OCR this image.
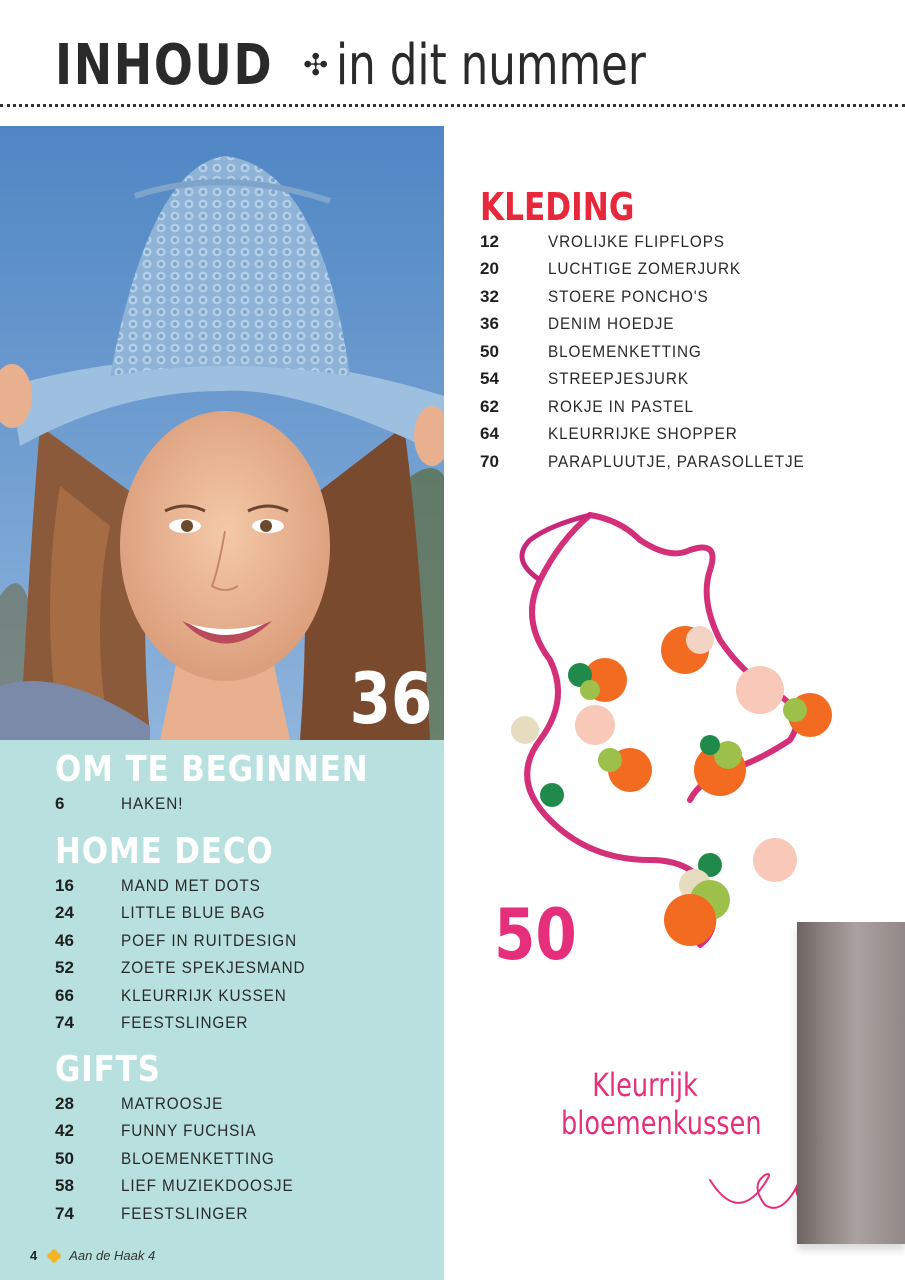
INHOUD ✣ in dit nummer
36
OM TE BEGINNEN
6	HAKEN!
HOME DECO
16	MAND MET DOTS
24	LITTLE BLUE BAG
46	POEF IN RUITDESIGN
52	ZOETE SPEKJESMAND
66	KLEURRIJK KUSSEN
74	FEESTSLINGER
GIFTS
28	MATROOSJE
42	FUNNY FUCHSIA
50	BLOEMENKETTING
58	LIEF MUZIEKDOOSJE
74	FEESTSLINGER
4 Aan de Haak 4
KLEDING
12	VROLIJKE FLIPFLOPS
20	LUCHTIGE ZOMERJURK
32	STOERE PONCHO'S
36	DENIM HOEDJE
50	BLOEMENKETTING
54	STREEPJESJURK
62	ROKJE IN PASTEL
64	KLEURRIJKE SHOPPER
70	PARAPLUUTJE, PARASOLLETJE
50
Kleurrijk
bloemenkussen
